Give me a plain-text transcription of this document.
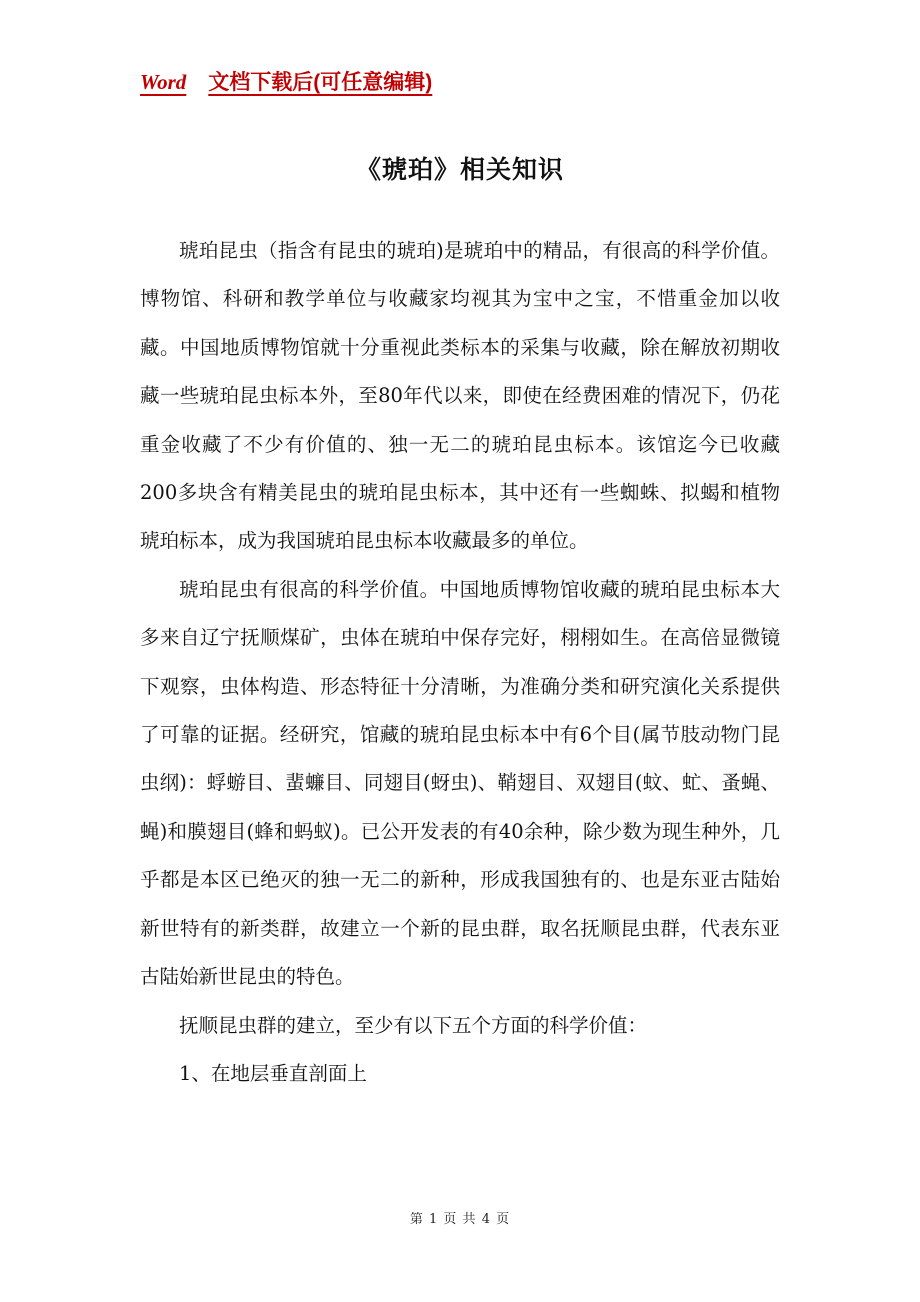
Word 文档下载后(可任意编辑)
《琥珀》相关知识

琥珀昆虫（指含有昆虫的琥珀)是琥珀中的精品，有很高的科学价值。博物馆、科研和教学单位与收藏家均视其为宝中之宝，不惜重金加以收藏。中国地质博物馆就十分重视此类标本的采集与收藏，除在解放初期收藏一些琥珀昆虫标本外，至80年代以来，即使在经费困难的情况下，仍花重金收藏了不少有价值的、独一无二的琥珀昆虫标本。该馆迄今已收藏200多块含有精美昆虫的琥珀昆虫标本，其中还有一些蜘蛛、拟蝎和植物琥珀标本，成为我国琥珀昆虫标本收藏最多的单位。

琥珀昆虫有很高的科学价值。中国地质博物馆收藏的琥珀昆虫标本大多来自辽宁抚顺煤矿，虫体在琥珀中保存完好，栩栩如生。在高倍显微镜下观察，虫体构造、形态特征十分清晰，为准确分类和研究演化关系提供了可靠的证据。经研究，馆藏的琥珀昆虫标本中有6个目(属节肢动物门昆虫纲)：蜉蝣目、蜚蠊目、同翅目(蚜虫)、鞘翅目、双翅目(蚊、虻、蚤蝇、蝇)和膜翅目(蜂和蚂蚁)。已公开发表的有40余种，除少数为现生种外，几乎都是本区已绝灭的独一无二的新种，形成我国独有的、也是东亚古陆始新世特有的新类群，故建立一个新的昆虫群，取名抚顺昆虫群，代表东亚古陆始新世昆虫的特色。

抚顺昆虫群的建立，至少有以下五个方面的科学价值：

1、在地层垂直剖面上

第 1 页 共 4 页
